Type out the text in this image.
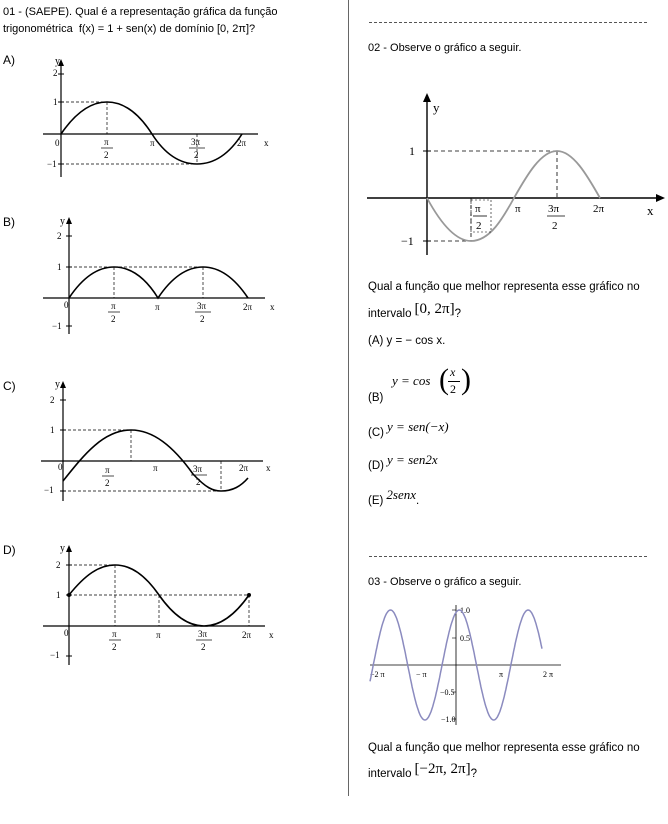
01 - (SAEPE). Qual é a representação gráfica da função
trigonométrica f(x) = 1 + sen(x) de domínio [0, 2π]?
A)	y
2
1
0
−1
π
2
π	3π
2
2π x
B)	y
2
1
0
−1
π
2
π	3π
2
2π x
C)	y
2
1
0
−1
π
2
π	3π
2
2π x
D)	y
2
1
0
−1
π
2
π	3π
2
2π x
02 - Observe o gráfico a seguir.
y
x
1
−1
π
2
π 3π
2
2π
Qual a função que melhor representa esse gráfico no
intervalo [0, 2π]?
(A) y = − cos x.
(B)
y = cos ( x
2 )
(C) y = sen(−x)
(D) y = sen2x
(E) 2senx.
03 - Observe o gráfico a seguir.
1.0
0.5
−0.5
−1.0
−2 π	− π	π	2 π
Qual a função que melhor representa esse gráfico no
intervalo [−2π, 2π]?
